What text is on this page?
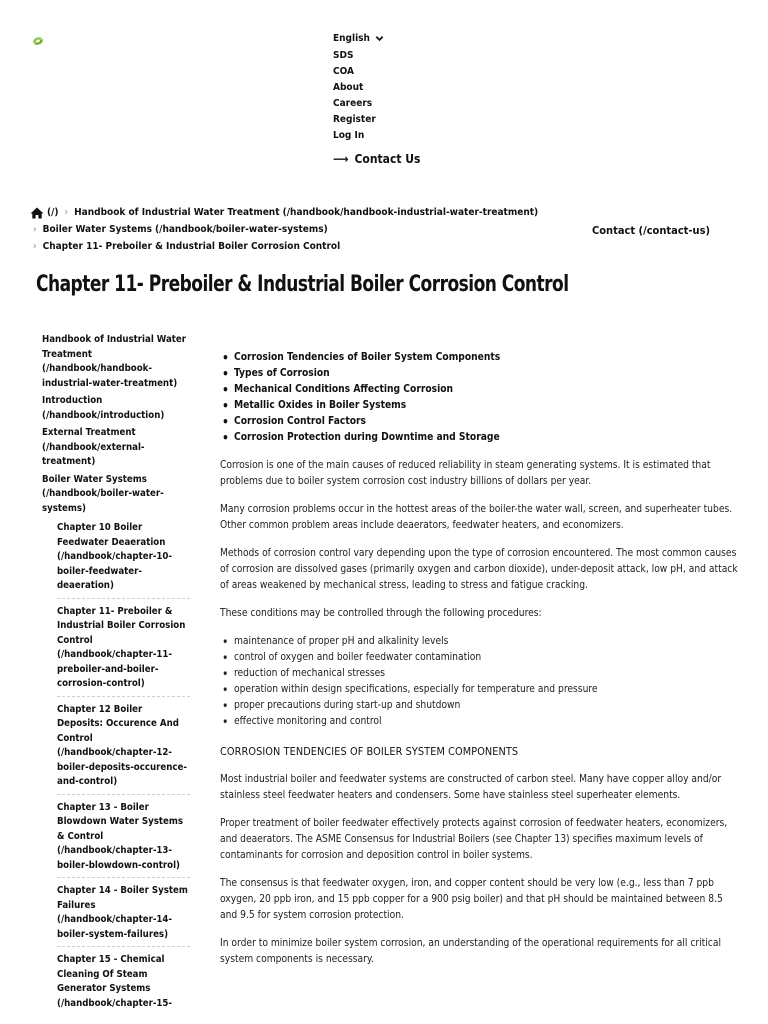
English
SDS
COA
About
Careers
Register
Log In
⟶ Contact Us
(/) › Handbook of Industrial Water Treatment (/handbook/handbook-industrial-water-treatment)
› Boiler Water Systems (/handbook/boiler-water-systems)
› Chapter 11- Preboiler & Industrial Boiler Corrosion Control
Contact (/contact-us)
Chapter 11- Preboiler & Industrial Boiler Corrosion Control
Handbook of Industrial Water Treatment (/handbook/handbook-industrial-water-treatment)
Introduction (/handbook/introduction)
External Treatment (/handbook/external-treatment)
Boiler Water Systems (/handbook/boiler-water-systems)
Chapter 10 Boiler Feedwater Deaeration (/handbook/chapter-10-boiler-feedwater-deaeration)
Chapter 11- Preboiler & Industrial Boiler Corrosion Control (/handbook/chapter-11-preboiler-and-boiler-corrosion-control)
Chapter 12 Boiler Deposits: Occurence And Control (/handbook/chapter-12-boiler-deposits-occurence-and-control)
Chapter 13 - Boiler Blowdown Water Systems & Control (/handbook/chapter-13-boiler-blowdown-control)
Chapter 14 - Boiler System Failures (/handbook/chapter-14-boiler-system-failures)
Chapter 15 - Chemical Cleaning Of Steam Generator Systems (/handbook/chapter-15-
• Corrosion Tendencies of Boiler System Components
• Types of Corrosion
• Mechanical Conditions Affecting Corrosion
• Metallic Oxides in Boiler Systems
• Corrosion Control Factors
• Corrosion Protection during Downtime and Storage

Corrosion is one of the main causes of reduced reliability in steam generating systems. It is estimated that problems due to boiler system corrosion cost industry billions of dollars per year.

Many corrosion problems occur in the hottest areas of the boiler-the water wall, screen, and superheater tubes. Other common problem areas include deaerators, feedwater heaters, and economizers.

Methods of corrosion control vary depending upon the type of corrosion encountered. The most common causes of corrosion are dissolved gases (primarily oxygen and carbon dioxide), under-deposit attack, low pH, and attack of areas weakened by mechanical stress, leading to stress and fatigue cracking.

These conditions may be controlled through the following procedures:

• maintenance of proper pH and alkalinity levels
• control of oxygen and boiler feedwater contamination
• reduction of mechanical stresses
• operation within design specifications, especially for temperature and pressure
• proper precautions during start-up and shutdown
• effective monitoring and control
CORROSION TENDENCIES OF BOILER SYSTEM COMPONENTS

Most industrial boiler and feedwater systems are constructed of carbon steel. Many have copper alloy and/or stainless steel feedwater heaters and condensers. Some have stainless steel superheater elements.

Proper treatment of boiler feedwater effectively protects against corrosion of feedwater heaters, economizers, and deaerators. The ASME Consensus for Industrial Boilers (see Chapter 13) specifies maximum levels of contaminants for corrosion and deposition control in boiler systems.

The consensus is that feedwater oxygen, iron, and copper content should be very low (e.g., less than 7 ppb oxygen, 20 ppb iron, and 15 ppb copper for a 900 psig boiler) and that pH should be maintained between 8.5 and 9.5 for system corrosion protection.

In order to minimize boiler system corrosion, an understanding of the operational requirements for all critical system components is necessary.
